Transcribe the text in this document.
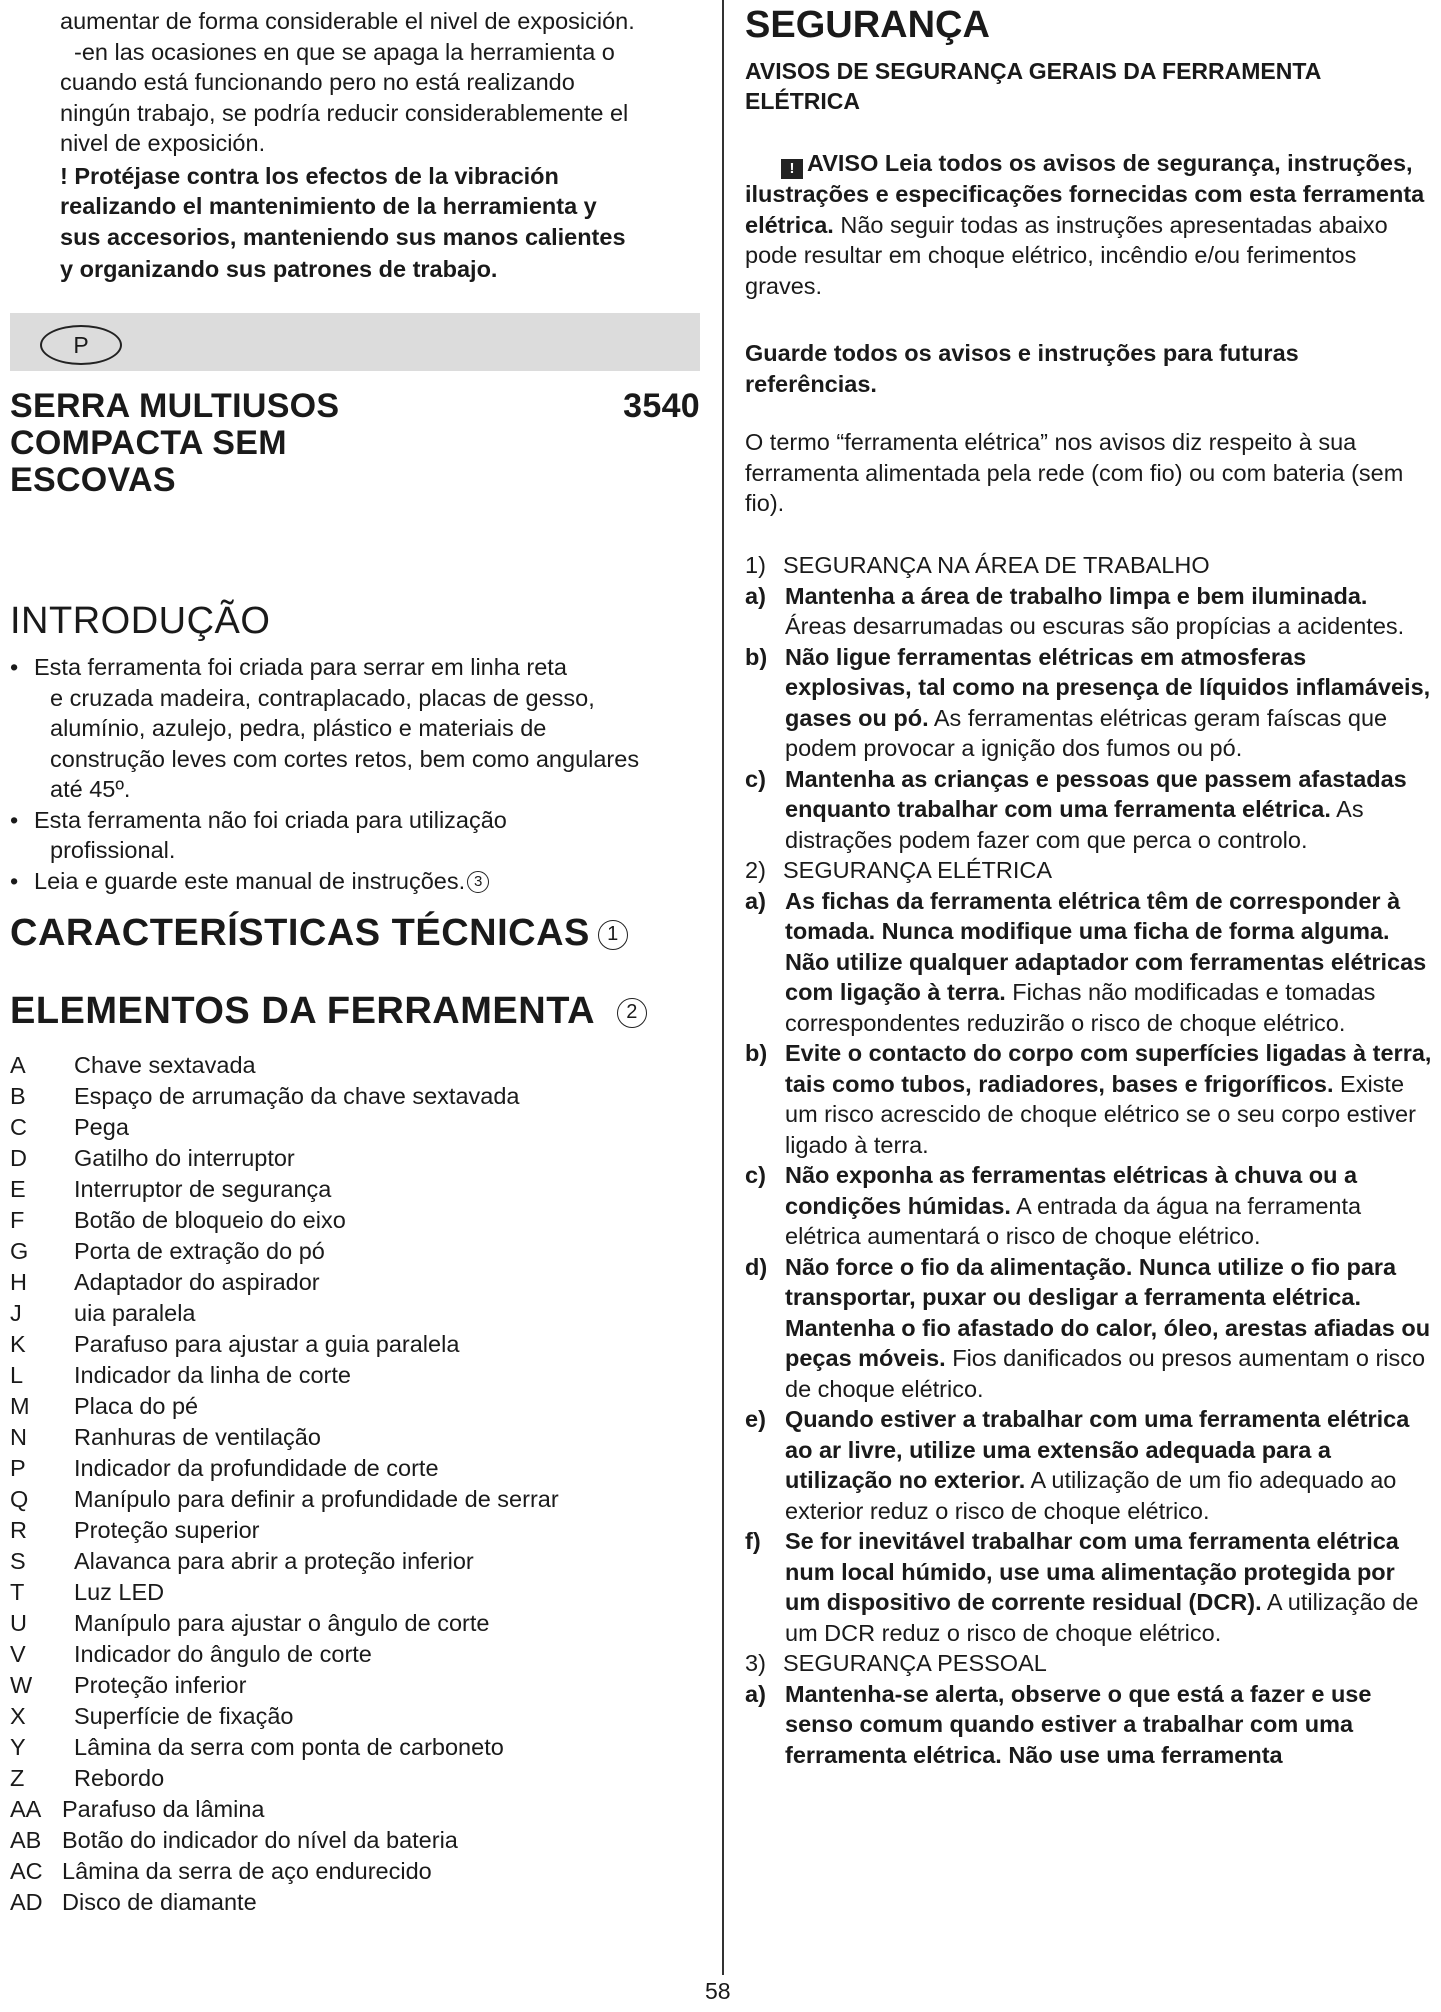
aumentar de forma considerable el nivel de exposición.
-en las ocasiones en que se apaga la herramienta o
cuando está funcionando pero no está realizando
ningún trabajo, se podría reducir considerablemente el
nivel de exposición.
! Protéjase contra los efectos de la vibración
realizando el mantenimiento de la herramienta y
sus accesorios, manteniendo sus manos calientes
y organizando sus patrones de trabajo.
P
SERRA MULTIUSOS
COMPACTA SEM
ESCOVAS
3540
INTRODUÇÃO
• Esta ferramenta foi criada para serrar em linha reta
e cruzada madeira, contraplacado, placas de gesso,
alumínio, azulejo, pedra, plástico e materiais de
construção leves com cortes retos, bem como angulares
até 45º.
• Esta ferramenta não foi criada para utilização
profissional.
• Leia e guarde este manual de instruções. 3
CARACTERÍSTICAS TÉCNICAS 1
ELEMENTOS DA FERRAMENTA 2
A Chave sextavada
B Espaço de arrumação da chave sextavada
C Pega
D Gatilho do interruptor
E Interruptor de segurança
F Botão de bloqueio do eixo
G Porta de extração do pó
H Adaptador do aspirador
J uia paralela
K Parafuso para ajustar a guia paralela
L Indicador da linha de corte
M Placa do pé
N Ranhuras de ventilação
P Indicador da profundidade de corte
Q Manípulo para definir a profundidade de serrar
R Proteção superior
S Alavanca para abrir a proteção inferior
T Luz LED
U Manípulo para ajustar o ângulo de corte
V Indicador do ângulo de corte
W Proteção inferior
X Superfície de fixação
Y Lâmina da serra com ponta de carboneto
Z Rebordo
AA Parafuso da lâmina
AB Botão do indicador do nível da bateria
AC Lâmina da serra de aço endurecido
AD Disco de diamante
SEGURANÇA
AVISOS DE SEGURANÇA GERAIS DA FERRAMENTA ELÉTRICA
! AVISO Leia todos os avisos de segurança, instruções, ilustrações e especificações fornecidas com esta ferramenta elétrica. Não seguir todas as instruções apresentadas abaixo pode resultar em choque elétrico, incêndio e/ou ferimentos graves.
Guarde todos os avisos e instruções para futuras referências.
O termo “ferramenta elétrica” nos avisos diz respeito à sua ferramenta alimentada pela rede (com fio) ou com bateria (sem fio).
1) SEGURANÇA NA ÁREA DE TRABALHO
a) Mantenha a área de trabalho limpa e bem iluminada. Áreas desarrumadas ou escuras são propícias a acidentes.
b) Não ligue ferramentas elétricas em atmosferas explosivas, tal como na presença de líquidos inflamáveis, gases ou pó. As ferramentas elétricas geram faíscas que podem provocar a ignição dos fumos ou pó.
c) Mantenha as crianças e pessoas que passem afastadas enquanto trabalhar com uma ferramenta elétrica. As distrações podem fazer com que perca o controlo.
2) SEGURANÇA ELÉTRICA
a) As fichas da ferramenta elétrica têm de corresponder à tomada. Nunca modifique uma ficha de forma alguma. Não utilize qualquer adaptador com ferramentas elétricas com ligação à terra. Fichas não modificadas e tomadas correspondentes reduzirão o risco de choque elétrico.
b) Evite o contacto do corpo com superfícies ligadas à terra, tais como tubos, radiadores, bases e frigoríficos. Existe um risco acrescido de choque elétrico se o seu corpo estiver ligado à terra.
c) Não exponha as ferramentas elétricas à chuva ou a condições húmidas. A entrada da água na ferramenta elétrica aumentará o risco de choque elétrico.
d) Não force o fio da alimentação. Nunca utilize o fio para transportar, puxar ou desligar a ferramenta elétrica. Mantenha o fio afastado do calor, óleo, arestas afiadas ou peças móveis. Fios danificados ou presos aumentam o risco de choque elétrico.
e) Quando estiver a trabalhar com uma ferramenta elétrica ao ar livre, utilize uma extensão adequada para a utilização no exterior. A utilização de um fio adequado ao exterior reduz o risco de choque elétrico.
f) Se for inevitável trabalhar com uma ferramenta elétrica num local húmido, use uma alimentação protegida por um dispositivo de corrente residual (DCR). A utilização de um DCR reduz o risco de choque elétrico.
3) SEGURANÇA PESSOAL
a) Mantenha-se alerta, observe o que está a fazer e use senso comum quando estiver a trabalhar com uma ferramenta elétrica. Não use uma ferramenta
58
